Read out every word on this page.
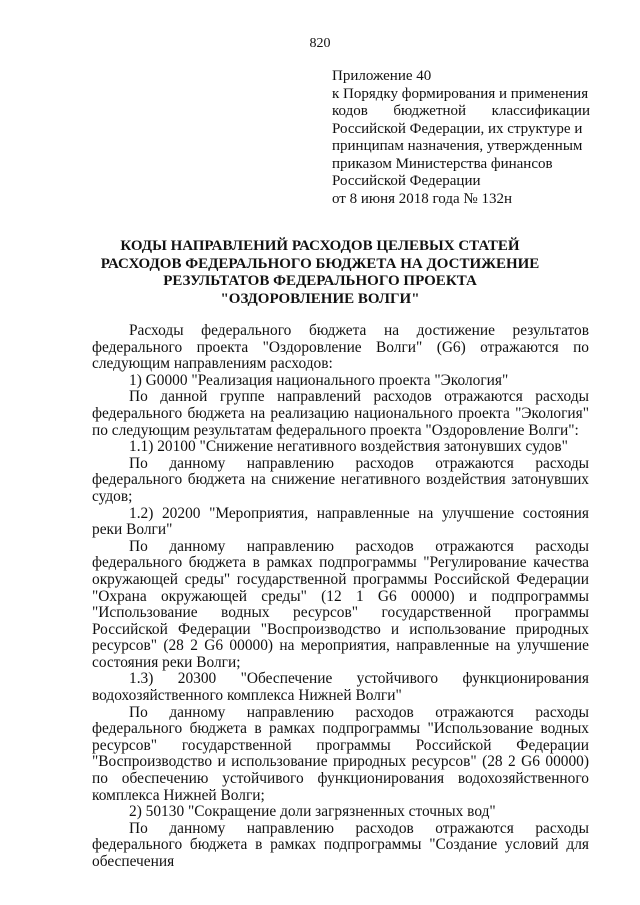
820
Приложение 40
к Порядку формирования и применения
кодов бюджетной классификации
Российской Федерации, их структуре и
принципам назначения, утвержденным
приказом Министерства финансов
Российской Федерации
от 8 июня 2018 года № 132н
КОДЫ НАПРАВЛЕНИЙ РАСХОДОВ ЦЕЛЕВЫХ СТАТЕЙ
РАСХОДОВ ФЕДЕРАЛЬНОГО БЮДЖЕТА НА ДОСТИЖЕНИЕ
РЕЗУЛЬТАТОВ ФЕДЕРАЛЬНОГО ПРОЕКТА
"ОЗДОРОВЛЕНИЕ ВОЛГИ"

Расходы федерального бюджета на достижение результатов федерального проекта "Оздоровление Волги" (G6) отражаются по следующим направлениям расходов:

1) G0000 "Реализация национального проекта "Экология"

По данной группе направлений расходов отражаются расходы федерального бюджета на реализацию национального проекта "Экология" по следующим результатам федерального проекта "Оздоровление Волги":

1.1) 20100 "Снижение негативного воздействия затонувших судов"

По данному направлению расходов отражаются расходы федерального бюджета на снижение негативного воздействия затонувших судов;

1.2) 20200 "Мероприятия, направленные на улучшение состояния реки Волги"

По данному направлению расходов отражаются расходы федерального бюджета в рамках подпрограммы "Регулирование качества окружающей среды" государственной программы Российской Федерации "Охрана окружающей среды" (12 1 G6 00000) и подпрограммы "Использование водных ресурсов" государственной программы Российской Федерации "Воспроизводство и использование природных ресурсов" (28 2 G6 00000) на мероприятия, направленные на улучшение состояния реки Волги;

1.3) 20300 "Обеспечение устойчивого функционирования водохозяйственного комплекса Нижней Волги"

По данному направлению расходов отражаются расходы федерального бюджета в рамках подпрограммы "Использование водных ресурсов" государственной программы Российской Федерации "Воспроизводство и использование природных ресурсов" (28 2 G6 00000) по обеспечению устойчивого функционирования водохозяйственного комплекса Нижней Волги;

2) 50130 "Сокращение доли загрязненных сточных вод"

По данному направлению расходов отражаются расходы федерального бюджета в рамках подпрограммы "Создание условий для обеспечения
